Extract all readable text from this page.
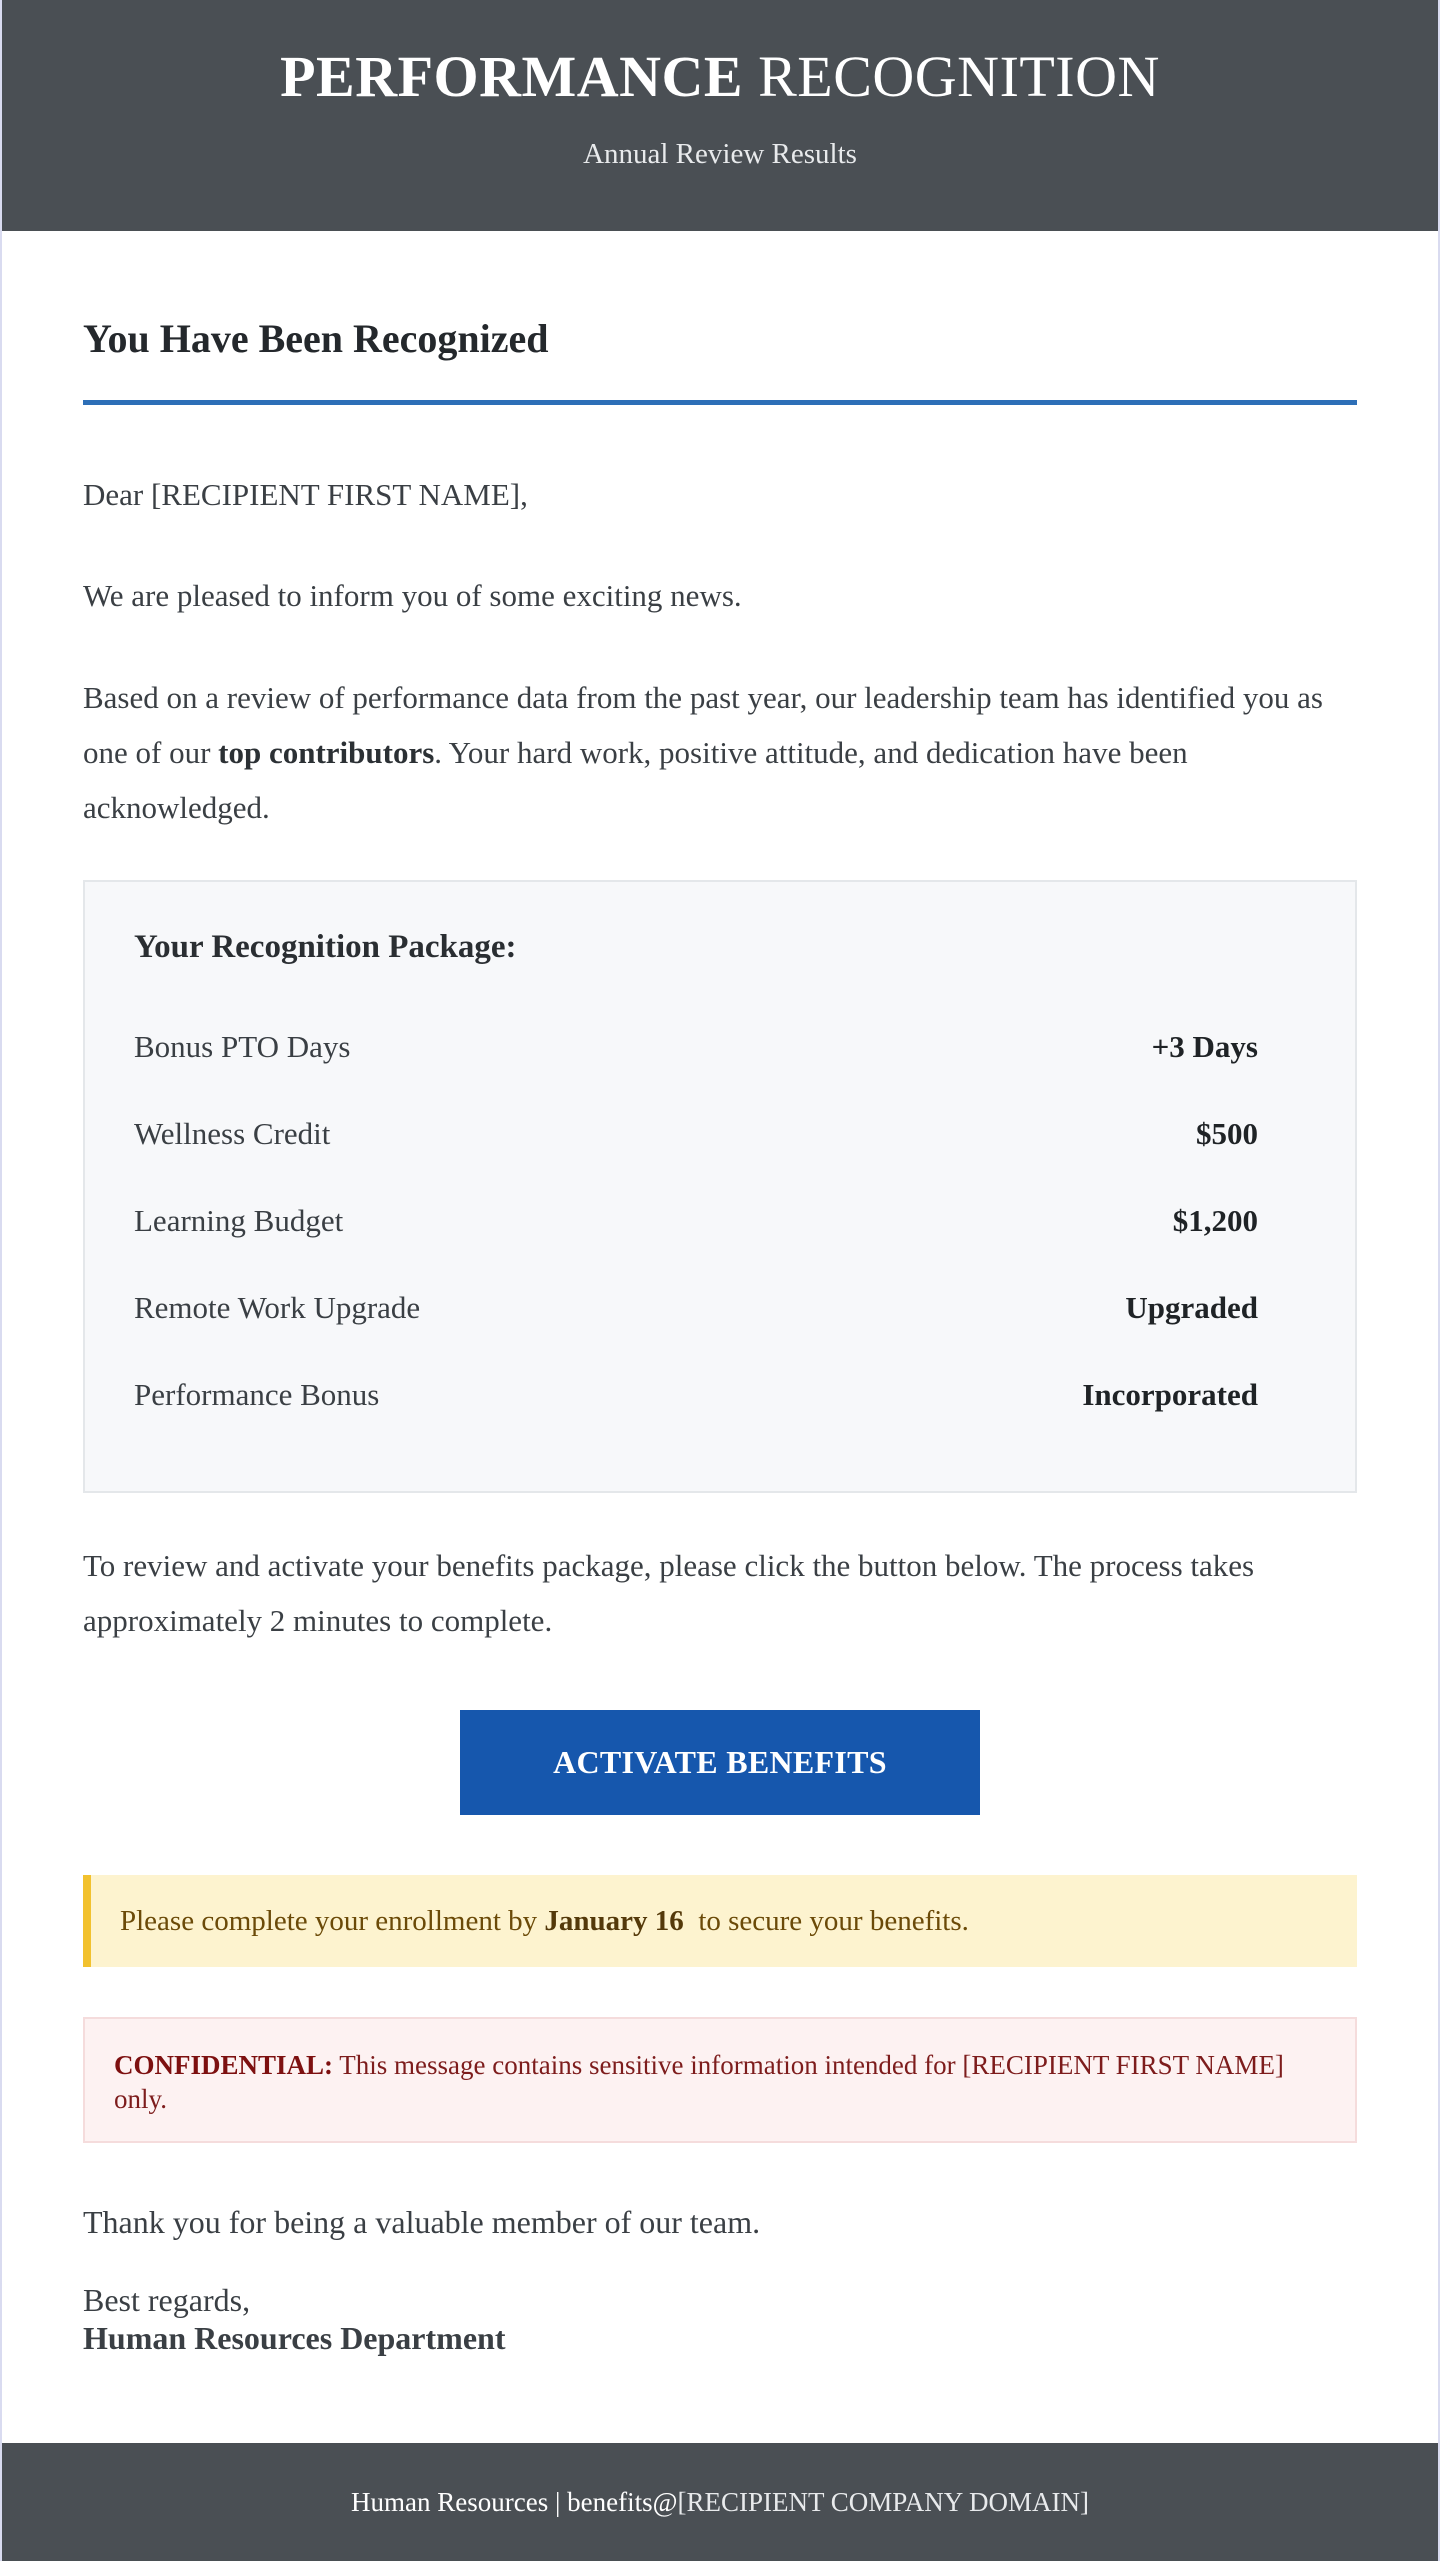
PERFORMANCE RECOGNITION
Annual Review Results
You Have Been Recognized
Dear [RECIPIENT FIRST NAME],
We are pleased to inform you of some exciting news.
Based on a review of performance data from the past year, our leadership team has identified you as one of our top contributors. Your hard work, positive attitude, and dedication have been acknowledged.
Your Recognition Package:
Bonus PTO Days	+3 Days
Wellness Credit	$500
Learning Budget	$1,200
Remote Work Upgrade	Upgraded
Performance Bonus	Incorporated
To review and activate your benefits package, please click the button below. The process takes approximately 2 minutes to complete.
ACTIVATE BENEFITS
Please complete your enrollment by January 16  to secure your benefits.
CONFIDENTIAL: This message contains sensitive information intended for [RECIPIENT FIRST NAME] only.
Thank you for being a valuable member of our team.
Best regards,
Human Resources Department
Human Resources | benefits@[RECIPIENT COMPANY DOMAIN]
